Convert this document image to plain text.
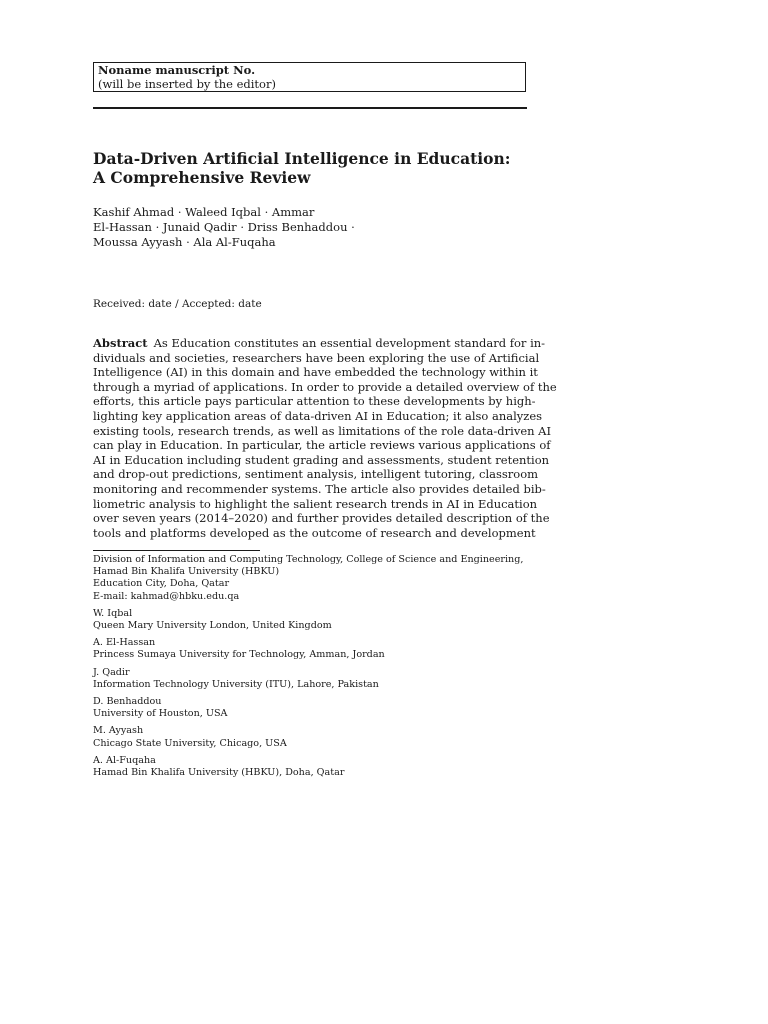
Noname manuscript No.
(will be inserted by the editor)
Data-Driven Artificial Intelligence in Education:
A Comprehensive Review
Kashif Ahmad · Waleed Iqbal · Ammar
El-Hassan · Junaid Qadir · Driss Benhaddou ·
Moussa Ayyash · Ala Al-Fuqaha
Received: date / Accepted: date
Abstract As Education constitutes an essential development standard for in-
dividuals and societies, researchers have been exploring the use of Artificial
Intelligence (AI) in this domain and have embedded the technology within it
through a myriad of applications. In order to provide a detailed overview of the
efforts, this article pays particular attention to these developments by high-
lighting key application areas of data-driven AI in Education; it also analyzes
existing tools, research trends, as well as limitations of the role data-driven AI
can play in Education. In particular, the article reviews various applications of
AI in Education including student grading and assessments, student retention
and drop-out predictions, sentiment analysis, intelligent tutoring, classroom
monitoring and recommender systems. The article also provides detailed bib-
liometric analysis to highlight the salient research trends in AI in Education
over seven years (2014–2020) and further provides detailed description of the
tools and platforms developed as the outcome of research and development
Division of Information and Computing Technology, College of Science and Engineering,
Hamad Bin Khalifa University (HBKU)
Education City, Doha, Qatar
E-mail: kahmad@hbku.edu.qa
W. Iqbal
Queen Mary University London, United Kingdom
A. El-Hassan
Princess Sumaya University for Technology, Amman, Jordan
J. Qadir
Information Technology University (ITU), Lahore, Pakistan
D. Benhaddou
University of Houston, USA
M. Ayyash
Chicago State University, Chicago, USA
A. Al-Fuqaha
Hamad Bin Khalifa University (HBKU), Doha, Qatar
